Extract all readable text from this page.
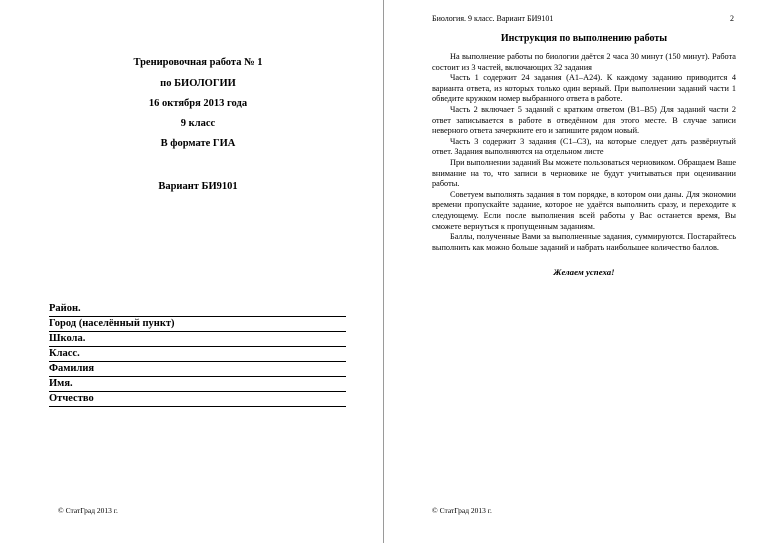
Тренировочная работа № 1
по БИОЛОГИИ
16 октября 2013 года
9 класс
В формате ГИА
Вариант БИ9101
Район.
Город (населённый пункт)
Школа.
Класс.
Фамилия
Имя.
Отчество
© СтатГрад 2013 г.
Биология. 9 класс. Вариант БИ9101	2
Инструкция по выполнению работы

На выполнение работы по биологии даётся 2 часа 30 минут (150 минут). Работа состоит из 3 частей, включающих 32 задания

Часть 1 содержит 24 задания (А1–А24). К каждому заданию приводится 4 варианта ответа, из которых только один верный. При выполнении заданий части 1 обведите кружком номер выбранного ответа в работе.

Часть 2 включает 5 заданий с кратким ответом (В1–В5) Для заданий части 2 ответ записывается в работе в отведённом для этого месте. В случае записи неверного ответа зачеркните его и запишите рядом новый.

Часть 3 содержит 3 задания (С1–С3), на которые следует дать развёрнутый ответ. Задания выполняются на отдельном листе

При выполнении заданий Вы можете пользоваться черновиком. Обращаем Ваше внимание на то, что записи в черновике не будут учитываться при оценивании работы.

Советуем выполнять задания в том порядке, в котором они даны. Для экономии времени пропускайте задание, которое не удаётся выполнить сразу, и переходите к следующему. Если после выполнения всей работы у Вас останется время, Вы сможете вернуться к пропущенным заданиям.

Баллы, полученные Вами за выполненные задания, суммируются. Постарайтесь выполнить как можно больше заданий и набрать наибольшее количество баллов.

Желаем успеха!
© СтатГрад 2013 г.
